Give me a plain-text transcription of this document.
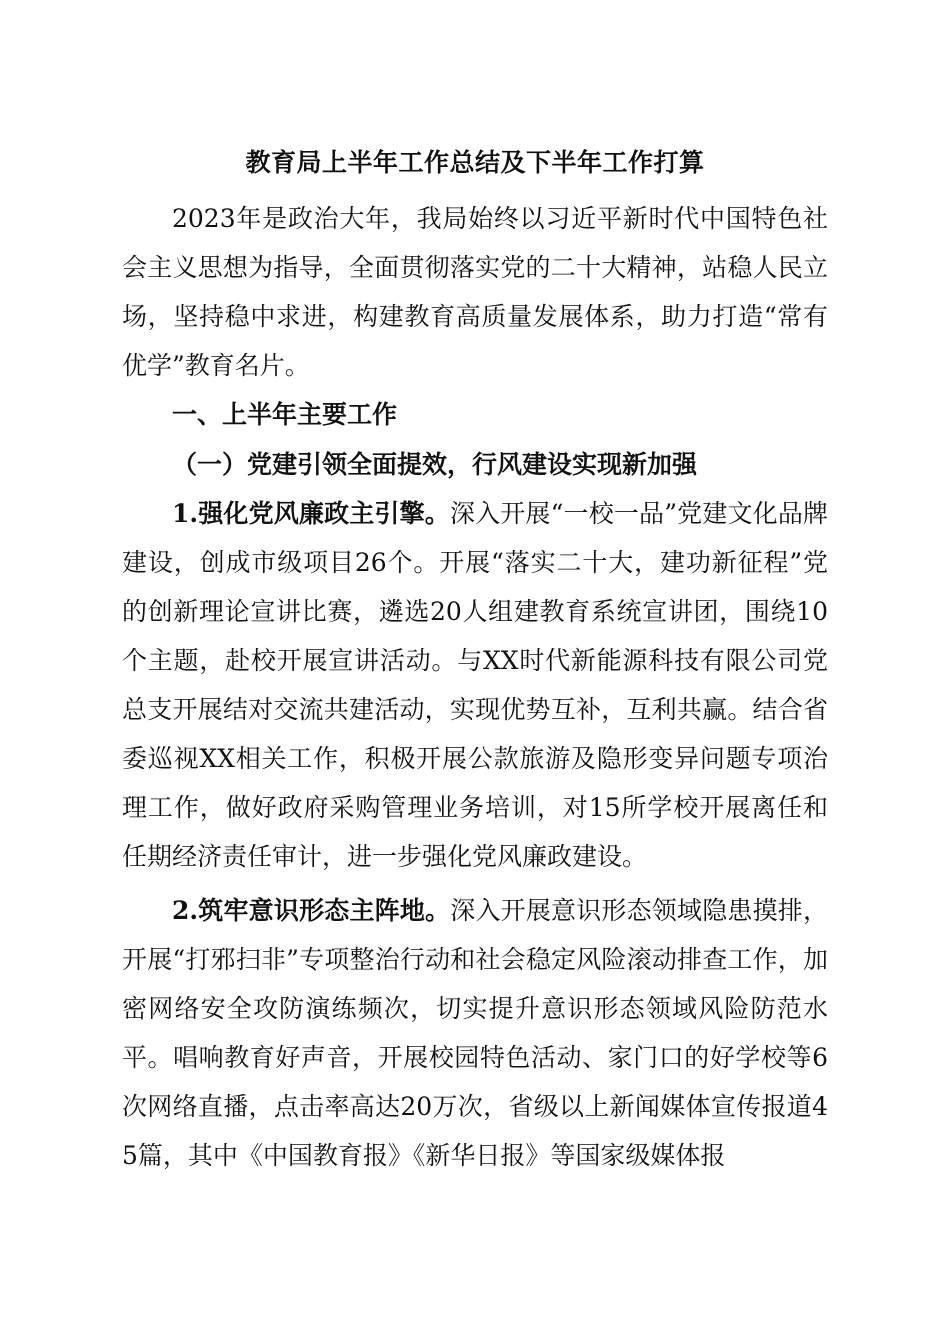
教育局上半年工作总结及下半年工作打算
2023年是政治大年，我局始终以习近平新时代中国特色社会主义思想为指导，全面贯彻落实党的二十大精神，站稳人民立场，坚持稳中求进，构建教育高质量发展体系，助力打造“常有优学”教育名片。
一、上半年主要工作
（一）党建引领全面提效，行风建设实现新加强
1.强化党风廉政主引擎。深入开展“一校一品”党建文化品牌建设，创成市级项目26个。开展“落实二十大，建功新征程”党的创新理论宣讲比赛，遴选20人组建教育系统宣讲团，围绕10个主题，赴校开展宣讲活动。与XX时代新能源科技有限公司党总支开展结对交流共建活动，实现优势互补，互利共赢。结合省委巡视XX相关工作，积极开展公款旅游及隐形变异问题专项治理工作，做好政府采购管理业务培训，对15所学校开展离任和任期经济责任审计，进一步强化党风廉政建设。
2.筑牢意识形态主阵地。深入开展意识形态领域隐患摸排，开展“打邪扫非”专项整治行动和社会稳定风险滚动排查工作，加密网络安全攻防演练频次，切实提升意识形态领域风险防范水平。唱响教育好声音，开展校园特色活动、家门口的好学校等6次网络直播，点击率高达20万次，省级以上新闻媒体宣传报道45篇，其中《中国教育报》《新华日报》等国家级媒体报
